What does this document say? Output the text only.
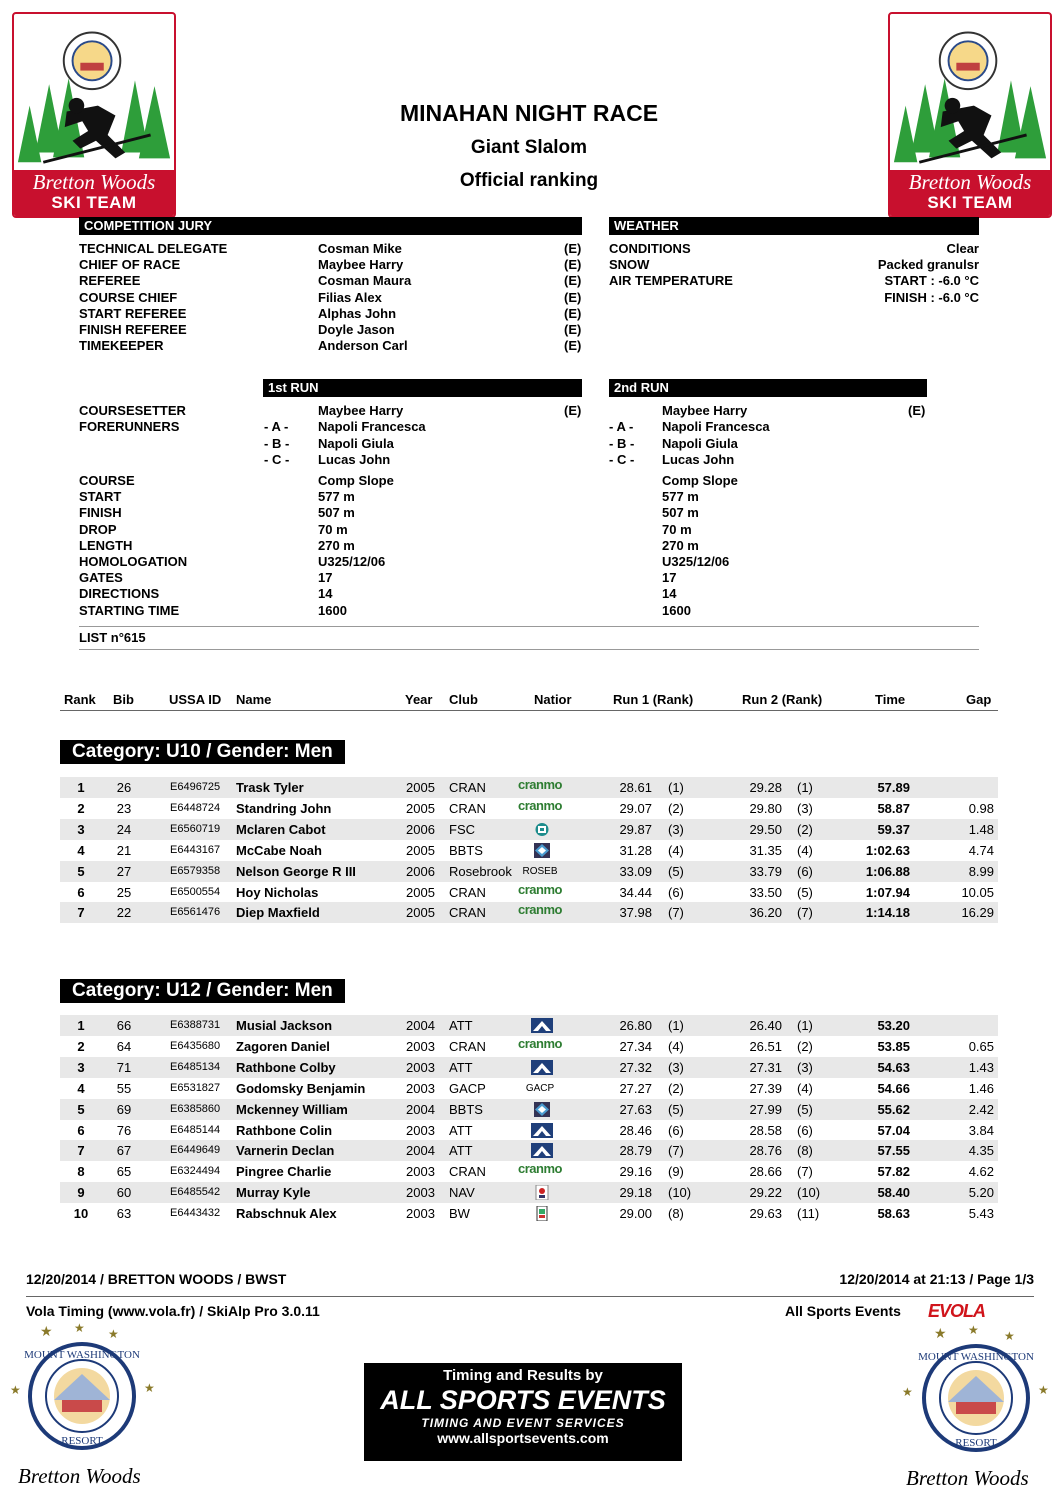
Bretton Woods
SKI TEAM
Bretton Woods
SKI TEAM
MINAHAN NIGHT RACE
Giant Slalom
Official ranking
COMPETITION JURY
TECHNICAL DELEGATE	Cosman Mike	(E)
CHIEF OF RACE	Maybee Harry	(E)
REFEREE	Cosman Maura	(E)
COURSE CHIEF	Filias Alex	(E)
START REFEREE	Alphas John	(E)
FINISH REFEREE	Doyle Jason	(E)
TIMEKEEPER	Anderson Carl	(E)
WEATHER
CONDITIONS	Clear
SNOW	Packed granulsr
AIR TEMPERATURE	START : -6.0 °C
FINISH : -6.0 °C
1st RUN	2nd RUN
COURSESETTER	Maybee Harry	(E)	Maybee Harry	(E)
FORERUNNERS	- A - Napoli Francesca	- A - Napoli Francesca
- B - Napoli Giula	- B - Napoli Giula
- C - Lucas John	- C - Lucas John
COURSE	Comp Slope	Comp Slope
START	577 m	577 m
FINISH	507 m	507 m
DROP	70 m	70 m
LENGTH	270 m	270 m
HOMOLOGATION	U325/12/06	U325/12/06
GATES	17	17
DIRECTIONS	14	14
STARTING TIME	1600	1600
LIST n°615
Rank Bib	USSA ID Name	Year Club	Natior	Run 1 (Rank)	Run 2 (Rank)	Time	Gap
Category: U10 / Gender: Men
1	26	E6496725 Trask Tyler	2005 CRAN	cranmo	28.61 (1)	29.28 (1)	57.89
2	23	E6448724 Standring John	2005 CRAN	cranmo	29.07 (2)	29.80 (3)	58.87	0.98
3	24	E6560719 Mclaren Cabot	2006 FSC	29.87 (3)	29.50 (2)	59.37	1.48
4	21	E6443167 McCabe Noah	2005 BBTS	31.28 (4)	31.35 (4)	1:02.63	4.74
5	27	E6579358 Nelson George R III	2006 Rosebrook	ROSEB	33.09 (5)	33.79 (6)	1:06.88	8.99
6	25	E6500554 Hoy Nicholas	2005 CRAN	cranmo	34.44 (6)	33.50 (5)	1:07.94	10.05
7	22	E6561476 Diep Maxfield	2005 CRAN	cranmo	37.98 (7)	36.20 (7)	1:14.18	16.29
Category: U12 / Gender: Men
1	66	E6388731 Musial Jackson	2004 ATT	26.80 (1)	26.40 (1)	53.20
2	64	E6435680 Zagoren Daniel	2003 CRAN	cranmo	27.34 (4)	26.51 (2)	53.85	0.65
3	71	E6485134 Rathbone Colby	2003 ATT	27.32 (3)	27.31 (3)	54.63	1.43
4	55	E6531827 Godomsky Benjamin	2003 GACP	GACP	27.27 (2)	27.39 (4)	54.66	1.46
5	69	E6385860 Mckenney William	2004 BBTS	27.63 (5)	27.99 (5)	55.62	2.42
6	76	E6485144 Rathbone Colin	2003 ATT	28.46 (6)	28.58 (6)	57.04	3.84
7	67	E6449649 Varnerin Declan	2004 ATT	28.79 (7)	28.76 (8)	57.55	4.35
8	65	E6324494 Pingree Charlie	2003 CRAN	cranmo	29.16 (9)	28.66 (7)	57.82	4.62
9	60	E6485542 Murray Kyle	2003 NAV	29.18 (10)	29.22 (10)	58.40	5.20
10	63	E6443432 Rabschnuk Alex	2003 BW	29.00 (8)	29.63 (11)	58.63	5.43
12/20/2014 / BRETTON WOODS / BWST	12/20/2014 at 21:13 / Page 1/3
Vola Timing (www.vola.fr) / SkiAlp Pro 3.0.11	All Sports Events EVOLA
MOUNT WASHINGTON
RESORT
★ ★ ★
★	★
Bretton Woods
MOUNT WASHINGTON
RESORT
★ ★ ★
★	★
Bretton Woods
Timing and Results by
ALL SPORTS EVENTS
TIMING AND EVENT SERVICES
www.allsportsevents.com
